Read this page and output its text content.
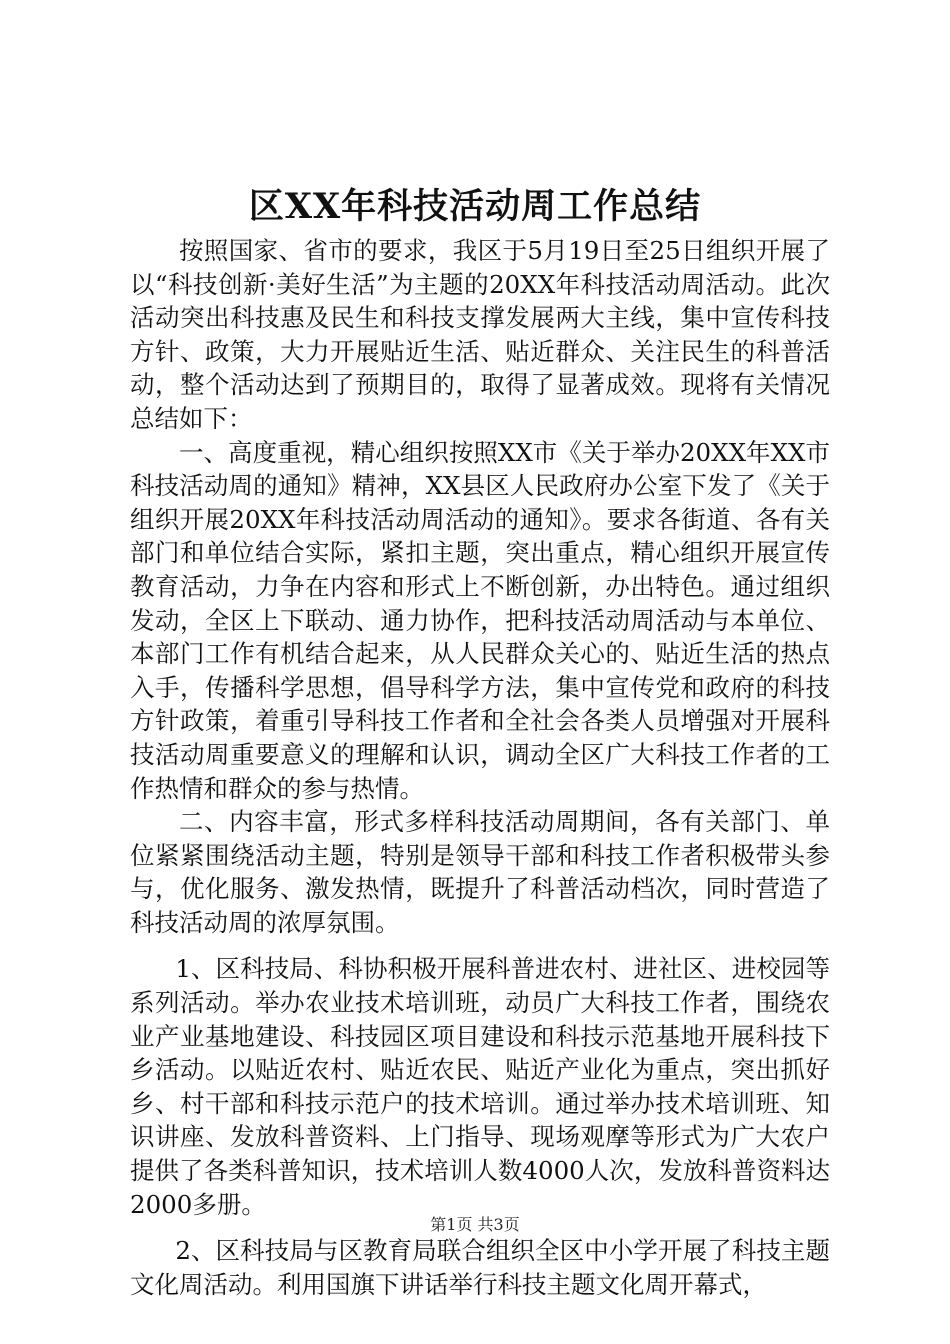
区XX年科技活动周工作总结

按照国家、省市的要求，我区于5月19日至25日组织开展了以“科技创新·美好生活”为主题的20XX年科技活动周活动。此次活动突出科技惠及民生和科技支撑发展两大主线，集中宣传科技方针、政策，大力开展贴近生活、贴近群众、关注民生的科普活动，整个活动达到了预期目的，取得了显著成效。现将有关情况总结如下：

一、高度重视，精心组织按照XX市《关于举办20XX年XX市科技活动周的通知》精神，XX县区人民政府办公室下发了《关于组织开展20XX年科技活动周活动的通知》。要求各街道、各有关部门和单位结合实际，紧扣主题，突出重点，精心组织开展宣传教育活动，力争在内容和形式上不断创新，办出特色。通过组织发动，全区上下联动、通力协作，把科技活动周活动与本单位、本部门工作有机结合起来，从人民群众关心的、贴近生活的热点入手，传播科学思想，倡导科学方法，集中宣传党和政府的科技方针政策，着重引导科技工作者和全社会各类人员增强对开展科技活动周重要意义的理解和认识，调动全区广大科技工作者的工作热情和群众的参与热情。

二、内容丰富，形式多样科技活动周期间，各有关部门、单位紧紧围绕活动主题，特别是领导干部和科技工作者积极带头参与，优化服务、激发热情，既提升了科普活动档次，同时营造了科技活动周的浓厚氛围。

1、区科技局、科协积极开展科普进农村、进社区、进校园等系列活动。举办农业技术培训班，动员广大科技工作者，围绕农业产业基地建设、科技园区项目建设和科技示范基地开展科技下乡活动。以贴近农村、贴近农民、贴近产业化为重点，突出抓好乡、村干部和科技示范户的技术培训。通过举办技术培训班、知识讲座、发放科普资料、上门指导、现场观摩等形式为广大农户提供了各类科普知识，技术培训人数4000人次，发放科普资料达2000多册。

2、区科技局与区教育局联合组织全区中小学开展了科技主题文化周活动。利用国旗下讲话举行科技主题文化周开幕式，

第1页 共3页
